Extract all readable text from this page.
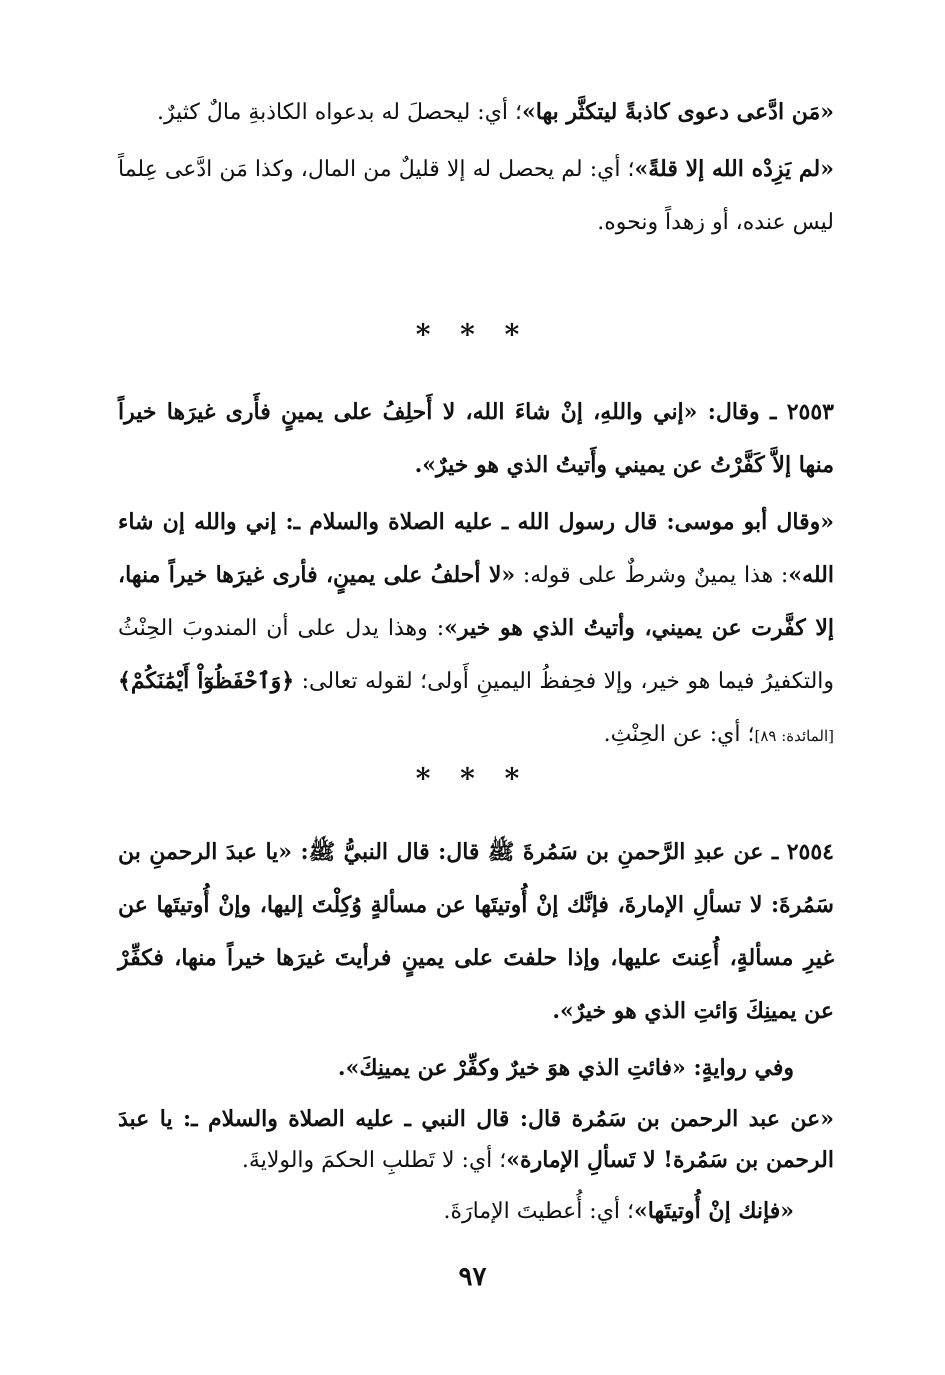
«مَن ادَّعى دعوى كاذبةً ليتكثَّر بها»؛ أي: ليحصلَ له بدعواه الكاذبةِ مالٌ كثيرٌ.

«لم يَزِدْه الله إلا قلةً»؛ أي: لم يحصل له إلا قليلٌ من المال، وكذا مَن ادَّعى عِلماً ليس عنده، أو زهداً ونحوه.

* * *

٢٥٥٣ ـ وقال: «إني واللهِ، إنْ شاءَ الله، لا أَحلِفُ على يمينٍ فأَرى غيرَها خيراً منها إلاَّ كَفَّرْتُ عن يميني وأَتيتُ الذي هو خيرٌ».

«وقال أبو موسى: قال رسول الله ـ عليه الصلاة والسلام ـ: إني والله إن شاء الله»: هذا يمينٌ وشرطٌ على قوله: «لا أحلفُ على يمينٍ، فأرى غيرَها خيراً منها، إلا كفَّرت عن يميني، وأتيتُ الذي هو خير»: وهذا يدل على أن المندوبَ الحِنْثُ والتكفيرُ فيما هو خير، وإلا فحِفظُ اليمينِ أَولى؛ لقوله تعالى: ﴿وَٱحْفَظُوٓاْ أَيْمَٰنَكُمْ﴾[المائدة: ٨٩]؛ أي: عن الحِنْثِ.

* * *

٢٥٥٤ ـ عن عبدِ الرَّحمنِ بن سَمُرةَ ﷺ قال: قال النبيُّ ﷺ: «يا عبدَ الرحمنِ بن سَمُرةَ: لا تسألِ الإمارةَ، فإنَّك إنْ أُوتيتَها عن مسألةٍ وُكِلْتَ إليها، وإنْ أُوتيتَها عن غيرِ مسألةٍ، أُعِنتَ عليها، وإذا حلفتَ على يمينٍ فرأيتَ غيرَها خيراً منها، فكفِّرْ عن يمينِكَ وَائتِ الذي هو خيرٌ».

وفي روايةٍ: «فائتِ الذي هوَ خيرٌ وكفِّرْ عن يمينِكَ».

«عن عبد الرحمن بن سَمُرة قال: قال النبي ـ عليه الصلاة والسلام ـ: يا عبدَ الرحمن بن سَمُرة! لا تَسألِ الإمارة»؛ أي: لا تَطلبِ الحكمَ والولايةَ.

«فإنك إنْ أُوتيتَها»؛ أي: أُعطيتَ الإمارَةَ.

٩٧
